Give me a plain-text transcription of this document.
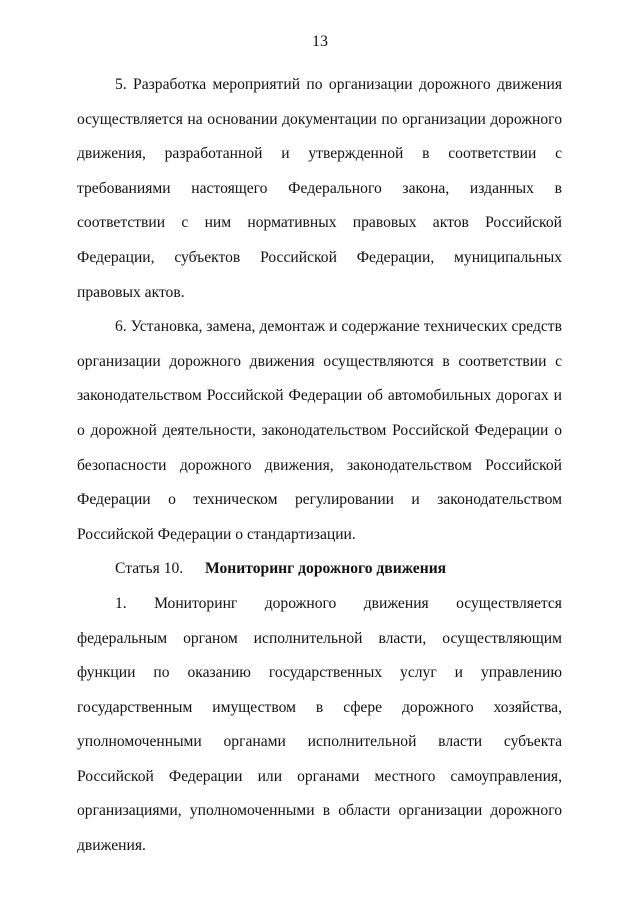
13

5. Разработка мероприятий по организации дорожного движения осуществляется на основании документации по организации дорожного движения, разработанной и утвержденной в соответствии с требованиями настоящего Федерального закона, изданных в соответствии с ним нормативных правовых актов Российской Федерации, субъектов Российской Федерации, муниципальных правовых актов.

6. Установка, замена, демонтаж и содержание технических средств организации дорожного движения осуществляются в соответствии с законодательством Российской Федерации об автомобильных дорогах и о дорожной деятельности, законодательством Российской Федерации о безопасности дорожного движения, законодательством Российской Федерации о техническом регулировании и законодательством Российской Федерации о стандартизации.

Статья 10. Мониторинг дорожного движения
1. Мониторинг дорожного движения осуществляется

федеральным органом исполнительной власти, осуществляющим функции по оказанию государственных услуг и управлению государственным имуществом в сфере дорожного хозяйства, уполномоченными органами исполнительной власти субъекта Российской Федерации или органами местного самоуправления, организациями, уполномоченными в области организации дорожного движения.
